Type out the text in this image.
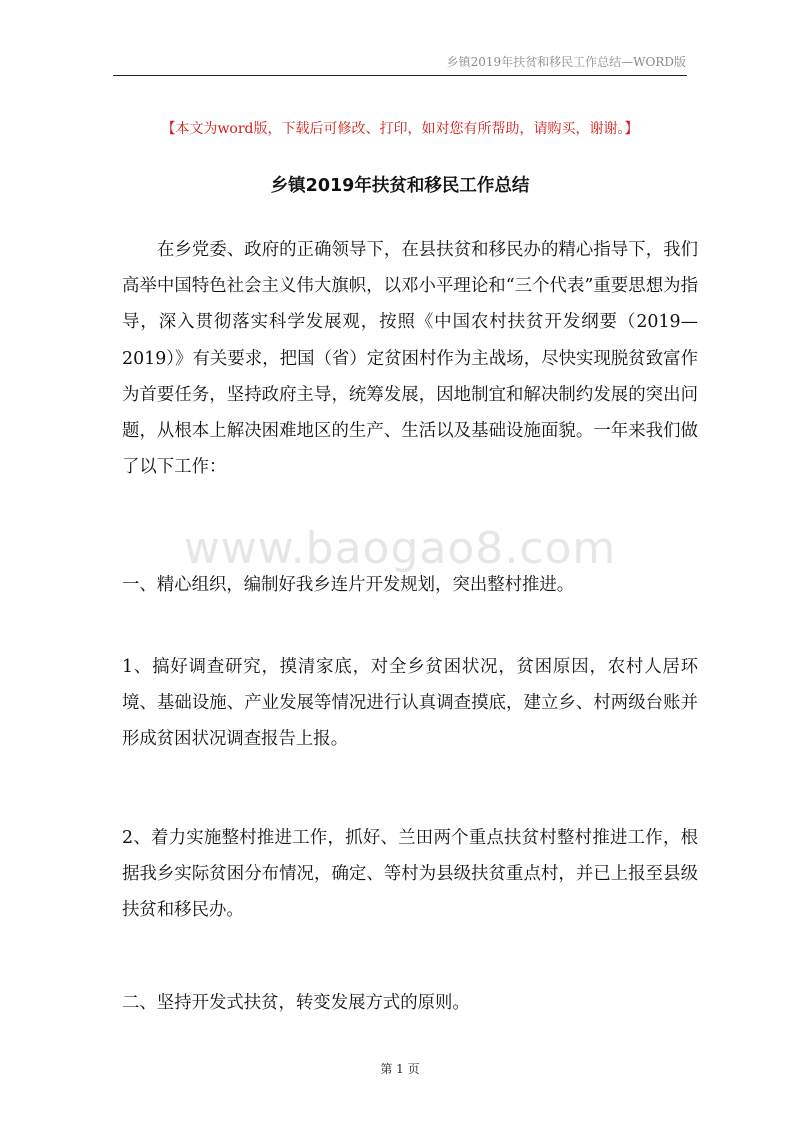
乡镇2019年扶贫和移民工作总结—WORD版
【本文为word版，下载后可修改、打印，如对您有所帮助，请购买，谢谢。】
乡镇2019年扶贫和移民工作总结

在乡党委、政府的正确领导下，在县扶贫和移民办的精心指导下，我们高举中国特色社会主义伟大旗帜，以邓小平理论和“三个代表”重要思想为指导，深入贯彻落实科学发展观，按照《中国农村扶贫开发纲要（2019—2019）》有关要求，把国（省）定贫困村作为主战场，尽快实现脱贫致富作为首要任务，坚持政府主导，统筹发展，因地制宜和解决制约发展的突出问题，从根本上解决困难地区的生产、生活以及基础设施面貌。一年来我们做了以下工作：

www.baogao8.com

一、精心组织，编制好我乡连片开发规划，突出整村推进。

1、搞好调查研究，摸清家底，对全乡贫困状况，贫困原因，农村人居环境、基础设施、产业发展等情况进行认真调查摸底，建立乡、村两级台账并形成贫困状况调查报告上报。

2、着力实施整村推进工作，抓好、兰田两个重点扶贫村整村推进工作，根据我乡实际贫困分布情况，确定、等村为县级扶贫重点村，并已上报至县级扶贫和移民办。

二、坚持开发式扶贫，转变发展方式的原则。

第 1 页
